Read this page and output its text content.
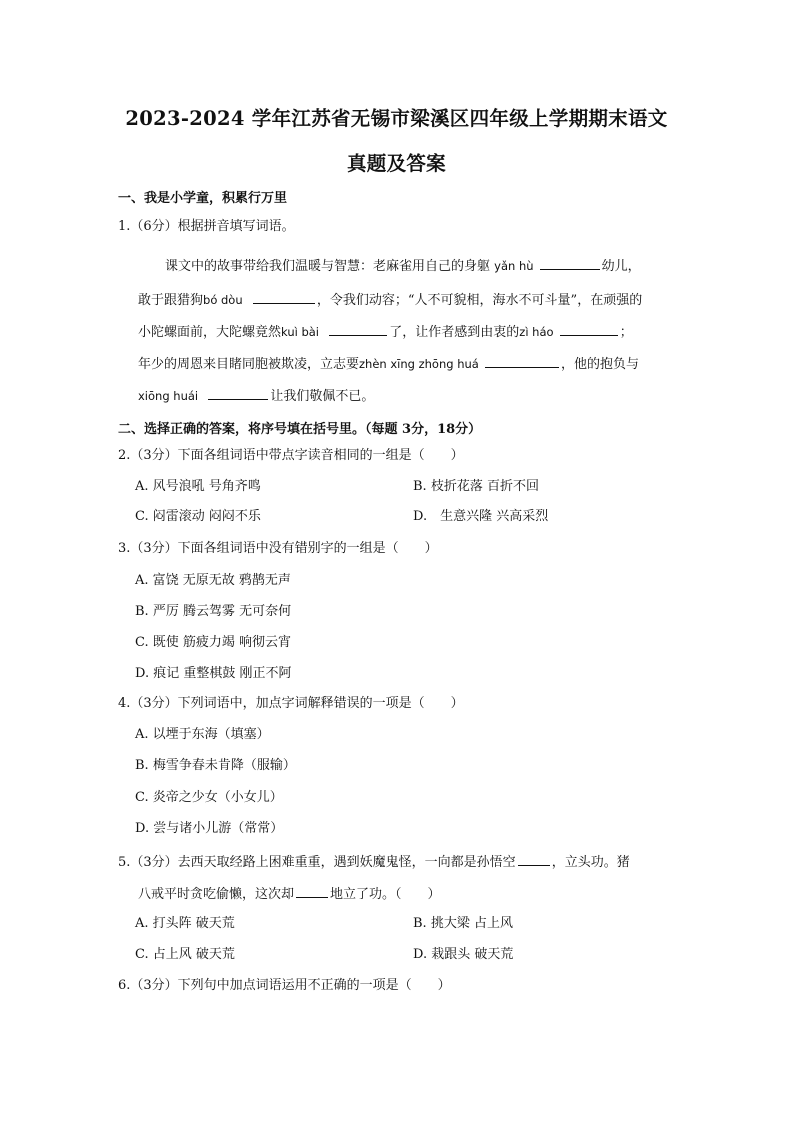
2023-2024 学年江苏省无锡市梁溪区四年级上学期期末语文
真题及答案
一、我是小学童，积累行万里
1.（6分）根据拼音填写词语。
课文中的故事带给我们温暖与智慧：老麻雀用自己的身躯 yǎn hù	幼儿，
敢于跟猎狗bó dòu	，令我们动容；“人不可貌相，海水不可斗量”，在顽强的
小陀螺面前，大陀螺竟然kuì bài	了，让作者感到由衷的zì háo	；
年少的周恩来目睹同胞被欺凌，立志要zhèn xīng zhōng huá	，他的抱负与
xiōng huái	让我们敬佩不已。
二、选择正确的答案，将序号填在括号里。（每题 3分，18分）
2.（3分）下面各组词语中带点字读音相同的一组是（　　）
A. 风号浪吼 号角齐鸣	B. 枝折花落 百折不回
C. 闷雷滚动 闷闷不乐	D.　生意兴隆 兴高采烈
3.（3分）下面各组词语中没有错别字的一组是（　　）
A. 富饶 无原无故 鸦鹊无声
B. 严厉 腾云驾雾 无可奈何
C. 既使 筋疲力竭 响彻云宵
D. 痕记 重整棋鼓 刚正不阿
4.（3分）下列词语中，加点字词解释错误的一项是（　　）
A. 以堙于东海（填塞）
B. 梅雪争春未肯降（服输）
C. 炎帝之少女（小女儿）
D. 尝与诸小儿游（常常）
5.（3分）去西天取经路上困难重重，遇到妖魔鬼怪，一向都是孙悟空	，立头功。猪
八戒平时贪吃偷懒，这次却	地立了功。（　　）
A. 打头阵 破天荒	B. 挑大梁 占上风
C. 占上风 破天荒	D. 栽跟头 破天荒
6.（3分）下列句中加点词语运用不正确的一项是（　　）
